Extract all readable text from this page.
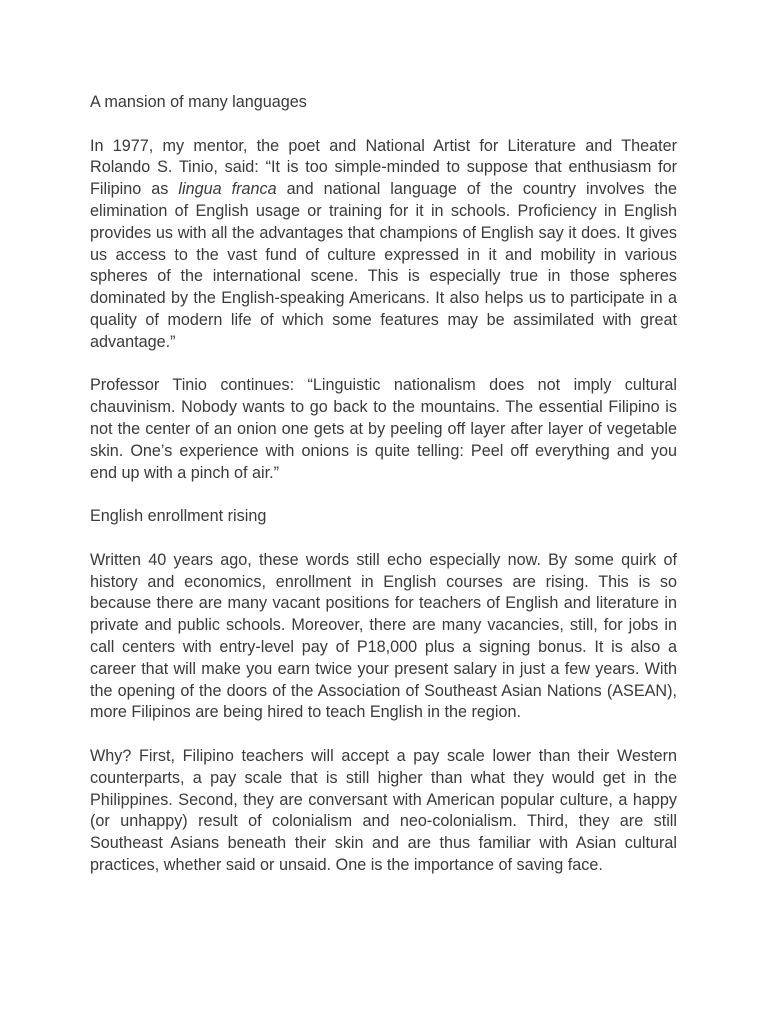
A mansion of many languages

In 1977, my mentor, the poet and National Artist for Literature and Theater Rolando S. Tinio, said: “It is too simple-minded to suppose that enthusiasm for Filipino as lingua franca and national language of the country involves the elimination of English usage or training for it in schools. Proficiency in English provides us with all the advantages that champions of English say it does. It gives us access to the vast fund of culture expressed in it and mobility in various spheres of the international scene. This is especially true in those spheres dominated by the English-speaking Americans. It also helps us to participate in a quality of modern life of which some features may be assimilated with great advantage.”

Professor Tinio continues: “Linguistic nationalism does not imply cultural chauvinism. Nobody wants to go back to the mountains. The essential Filipino is not the center of an onion one gets at by peeling off layer after layer of vegetable skin. One’s experience with onions is quite telling: Peel off everything and you end up with a pinch of air.”

English enrollment rising

Written 40 years ago, these words still echo especially now. By some quirk of history and economics, enrollment in English courses are rising. This is so because there are many vacant positions for teachers of English and literature in private and public schools. Moreover, there are many vacancies, still, for jobs in call centers with entry-level pay of P18,000 plus a signing bonus. It is also a career that will make you earn twice your present salary in just a few years. With the opening of the doors of the Association of Southeast Asian Nations (ASEAN), more Filipinos are being hired to teach English in the region.

Why? First, Filipino teachers will accept a pay scale lower than their Western counterparts, a pay scale that is still higher than what they would get in the Philippines. Second, they are conversant with American popular culture, a happy (or unhappy) result of colonialism and neo-colonialism. Third, they are still Southeast Asians beneath their skin and are thus familiar with Asian cultural practices, whether said or unsaid. One is the importance of saving face.
